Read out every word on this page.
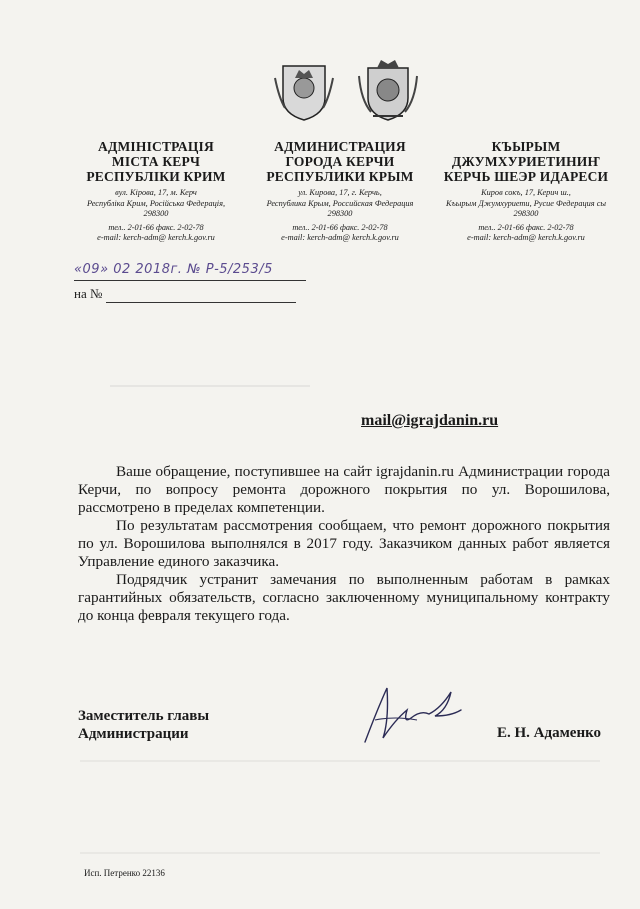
АДМІНІСТРАЦІЯ
МІСТА КЕРЧ
РЕСПУБЛІКИ КРИМ
вул. Кірова, 17, м. Керч
Республіка Крим, Російська Федерація,
298300
тел.. 2-01-66 факс. 2-02-78
e-mail: kerch-adm@ kerch.k.gov.ru
АДМИНИСТРАЦИЯ
ГОРОДА КЕРЧИ
РЕСПУБЛИКИ КРЫМ
ул. Кирова, 17, г. Керчь,
Республика Крым, Российская Федерация
298300
тел.. 2-01-66 факс. 2-02-78
e-mail: kerch-adm@ kerch.k.gov.ru
КЪЫРЫМ
ДЖУМХУРИЕТИНИҤ
КЕРЧЬ ШЕЭР ИДАРЕСИ
Киров сокъ, 17, Керич ш.,
Къырым Джумхуриети, Русие Федерация сы
298300
тел.. 2-01-66 факс. 2-02-78
e-mail: kerch-adm@ kerch.k.gov.ru
«09» 02 2018г. № Р-5/253/5
на №
mail@igrajdanin.ru

Ваше обращение, поступившее на сайт igrajdanin.ru Администрации города Керчи, по вопросу ремонта дорожного покрытия по ул. Ворошилова, рассмотрено в пределах компетенции.

По результатам рассмотрения сообщаем, что ремонт дорожного покрытия по ул. Ворошилова выполнялся в 2017 году. Заказчиком данных работ является Управление единого заказчика.

Подрядчик устранит замечания по выполненным работам в рамках гарантийных обязательств, согласно заключенному муниципальному контракту до конца февраля текущего года.

Заместитель главы
Администрации	Е. Н. Адаменко
Исп. Петренко 22136
